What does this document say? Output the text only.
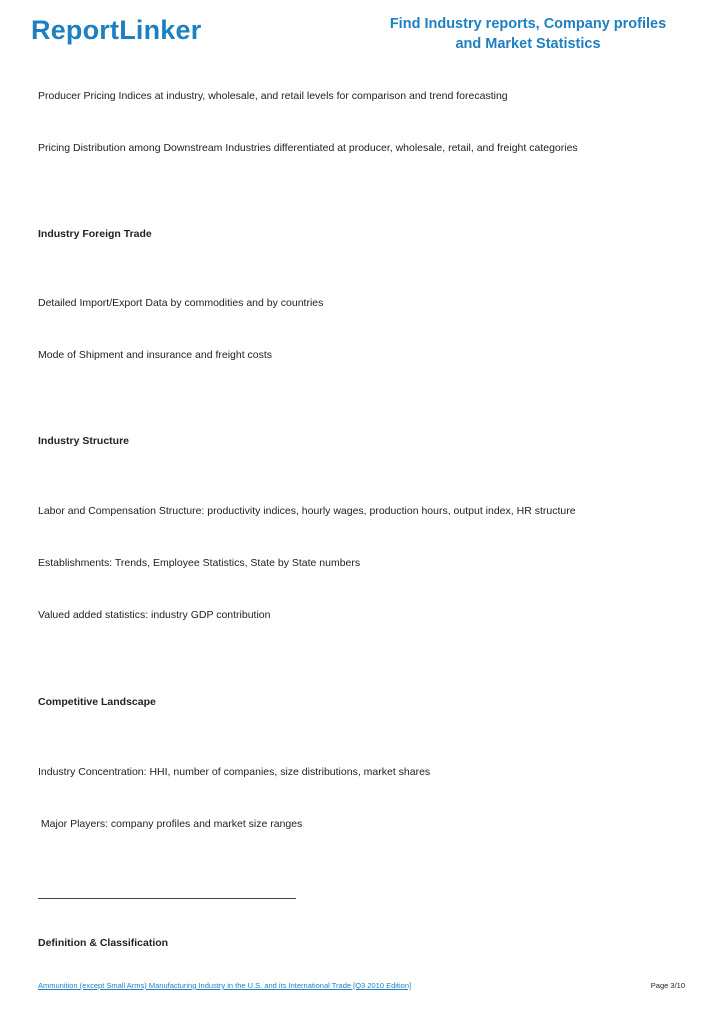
ReportLinker	Find Industry reports, Company profiles
and Market Statistics
Producer Pricing Indices at industry, wholesale, and retail levels for comparison and trend forecasting
Pricing Distribution among Downstream Industries differentiated at producer, wholesale, retail, and freight categories
Industry Foreign Trade
Detailed Import/Export Data by commodities and by countries
Mode of Shipment and insurance and freight costs
Industry Structure
Labor and Compensation Structure: productivity indices, hourly wages, production hours, output index, HR structure
Establishments: Trends, Employee Statistics, State by State numbers
Valued added statistics: industry GDP contribution
Competitive Landscape
Industry Concentration: HHI, number of companies, size distributions, market shares
Major Players: company profiles and market size ranges
Definition & Classification
Ammunition (except Small Arms) Manufacturing Industry in the U.S. and its International Trade [Q3 2010 Edition]	Page 3/10
